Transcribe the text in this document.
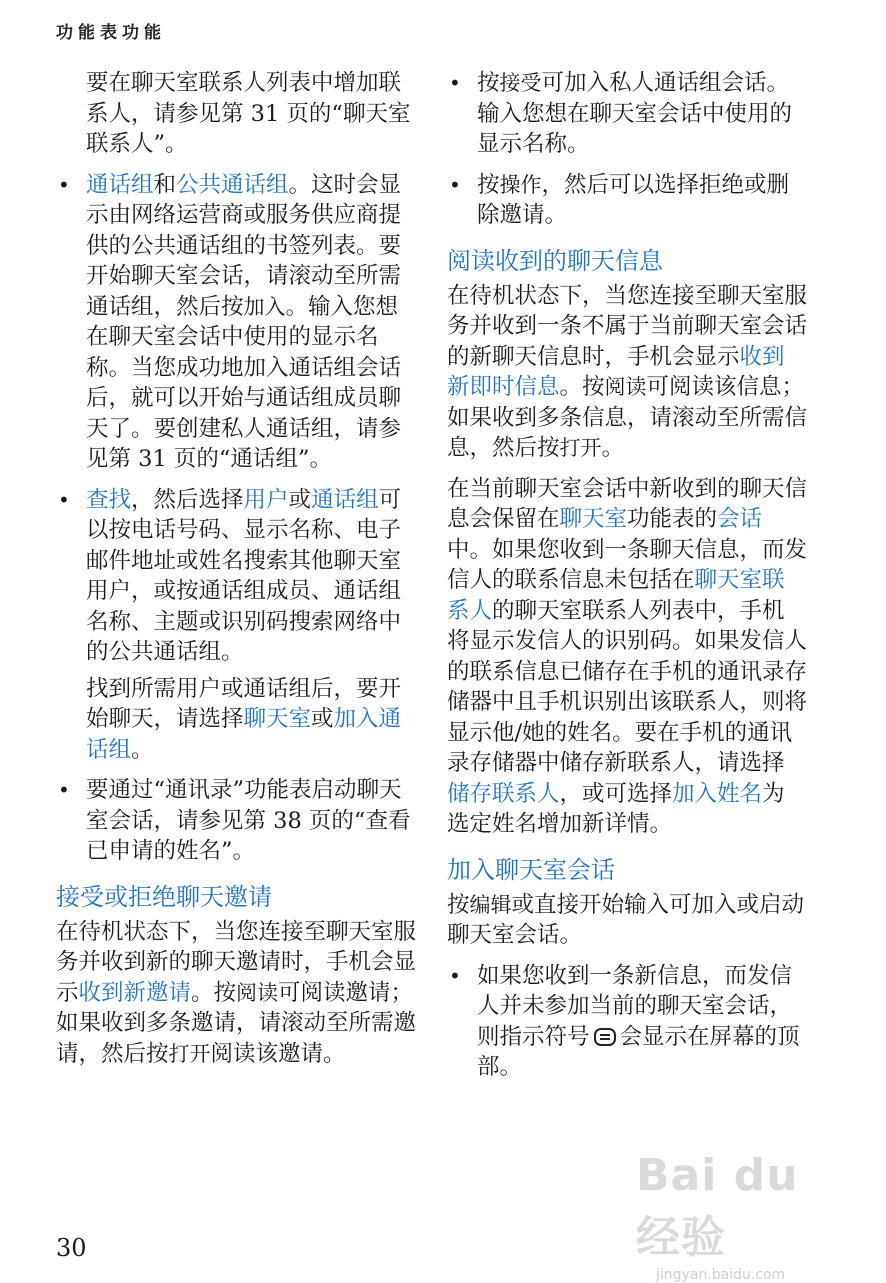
功能表功能

要在聊天室联系人列表中增加联系人，请参见第 31 页的“聊天室联系人”。

• 通话组和公共通话组。这时会显示由网络运营商或服务供应商提供的公共通话组的书签列表。要开始聊天室会话，请滚动至所需通话组，然后按加入。输入您想在聊天室会话中使用的显示名称。当您成功地加入通话组会话后，就可以开始与通话组成员聊天了。要创建私人通话组，请参见第 31 页的“通话组”。
• 查找，然后选择用户或通话组可以按电话号码、显示名称、电子邮件地址或姓名搜索其他聊天室用户，或按通话组成员、通话组名称、主题或识别码搜索网络中的公共通话组。

找到所需用户或通话组后，要开始聊天，请选择聊天室或加入通话组。

• 要通过“通讯录”功能表启动聊天室会话，请参见第 38 页的“查看已申请的姓名”。
接受或拒绝聊天邀请

在待机状态下，当您连接至聊天室服务并收到新的聊天邀请时，手机会显示收到新邀请。按阅读可阅读邀请；如果收到多条邀请，请滚动至所需邀请，然后按打开阅读该邀请。

• 按接受可加入私人通话组会话。输入您想在聊天室会话中使用的显示名称。
• 按操作，然后可以选择拒绝或删除邀请。
阅读收到的聊天信息

在待机状态下，当您连接至聊天室服务并收到一条不属于当前聊天室会话的新聊天信息时，手机会显示收到新即时信息。按阅读可阅读该信息；如果收到多条信息，请滚动至所需信息，然后按打开。

在当前聊天室会话中新收到的聊天信息会保留在聊天室功能表的会话中。如果您收到一条聊天信息，而发信人的联系信息未包括在聊天室联系人的聊天室联系人列表中，手机将显示发信人的识别码。如果发信人的联系信息已储存在手机的通讯录存储器中且手机识别出该联系人，则将显示他/她的姓名。要在手机的通讯录存储器中储存新联系人，请选择储存联系人，或可选择加入姓名为选定姓名增加新详情。

加入聊天室会话

按编辑或直接开始输入可加入或启动聊天室会话。

• 如果您收到一条新信息，而发信人并未参加当前的聊天室会话，则指示符号 会显示在屏幕的顶部。
30
Bai du 经验
jingyan.baidu.com
